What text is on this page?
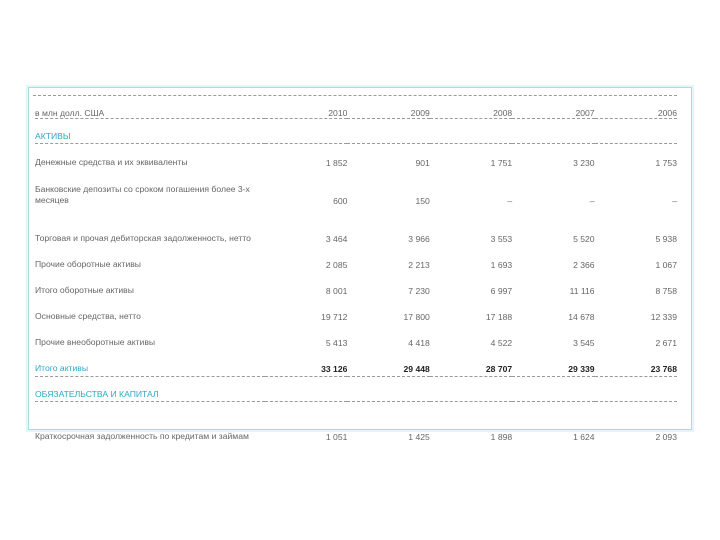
в млн долл. США	2010	2009	2008	2007	2006
АКТИВЫ					
Денежные средства и их эквиваленты	1 852	901	1 751	3 230	1 753
Банковские депозиты со сроком погашения более 3-х месяцев	600	150	–	–	–
Торговая и прочая дебиторская задолженность, нетто	3 464	3 966	3 553	5 520	5 938
Прочие оборотные активы	2 085	2 213	1 693	2 366	1 067
Итого оборотные активы	8 001	7 230	6 997	11 116	8 758
Основные средства, нетто	19 712	17 800	17 188	14 678	12 339
Прочие внеоборотные активы	5 413	4 418	4 522	3 545	2 671
Итого активы	33 126	29 448	28 707	29 339	23 768
ОБЯЗАТЕЛЬСТВА И КАПИТАЛ					
Краткосрочная задолженность по кредитам и займам	1 051	1 425	1 898	1 624	2 093
